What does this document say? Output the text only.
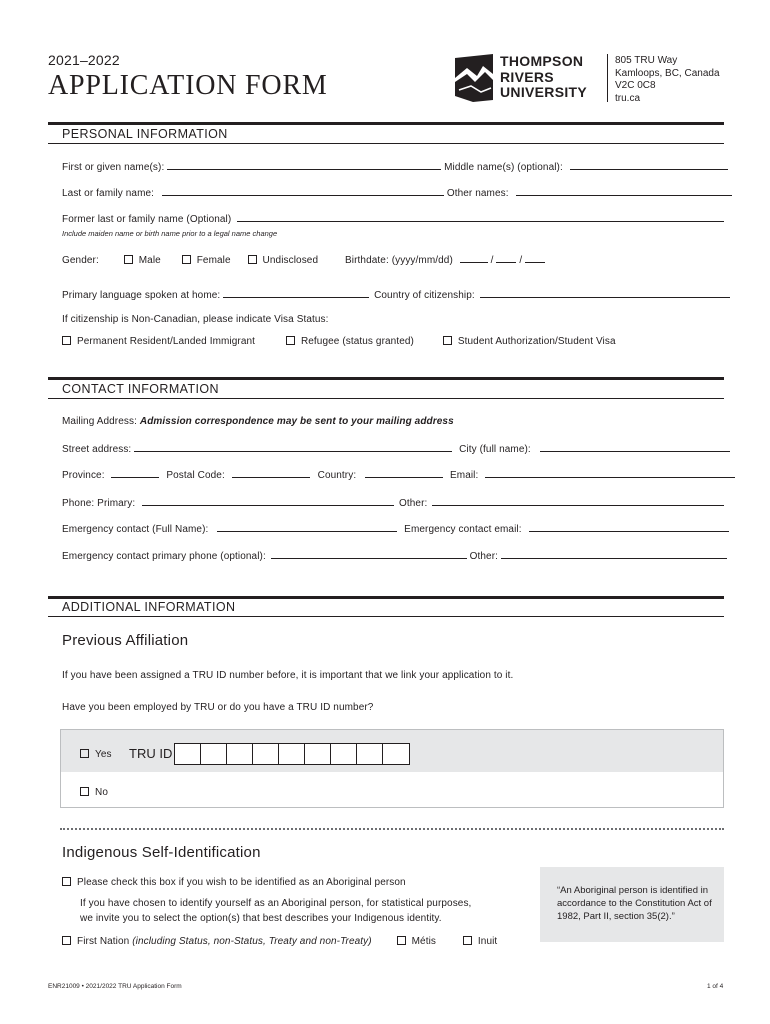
2021–2022
APPLICATION FORM
THOMPSON
RIVERS
UNIVERSITY
805 TRU Way
Kamloops, BC, Canada
V2C 0C8
tru.ca
PERSONAL INFORMATION
First or given name(s):	Middle name(s) (optional):
Last or family name:	Other names:
Former last or family name (Optional)
Include maiden name or birth name prior to a legal name change
Gender:	Male	Female	Undisclosed	Birthdate: (yyyy/mm/dd)	/  /
Primary language spoken at home:	Country of citizenship:
If citizenship is Non-Canadian, please indicate Visa Status:
Permanent Resident/Landed Immigrant	Refugee (status granted)	Student Authorization/Student Visa
CONTACT INFORMATION
Mailing Address: Admission correspondence may be sent to your mailing address
Street address:	City (full name):
Province:	Postal Code:	Country:	Email:
Phone: Primary:	Other:
Emergency contact (Full Name):	Emergency contact email:
Emergency contact primary phone (optional):	Other:
ADDITIONAL INFORMATION
Previous Affiliation
If you have been assigned a TRU ID number before, it is important that we link your application to it.
Have you been employed by TRU or do you have a TRU ID number?
Yes TRU ID
No
Indigenous Self-Identification
Please check this box if you wish to be identified as an Aboriginal person
If you have chosen to identify yourself as an Aboriginal person, for statistical purposes,
we invite you to select the option(s) that best describes your Indigenous identity.
First Nation (including Status, non-Status, Treaty and non-Treaty)	Métis	Inuit
“An Aboriginal person is identified in accordance to the Constitution Act of 1982, Part II, section 35(2).”
ENR21009 • 2021/2022 TRU Application Form	1 of 4
